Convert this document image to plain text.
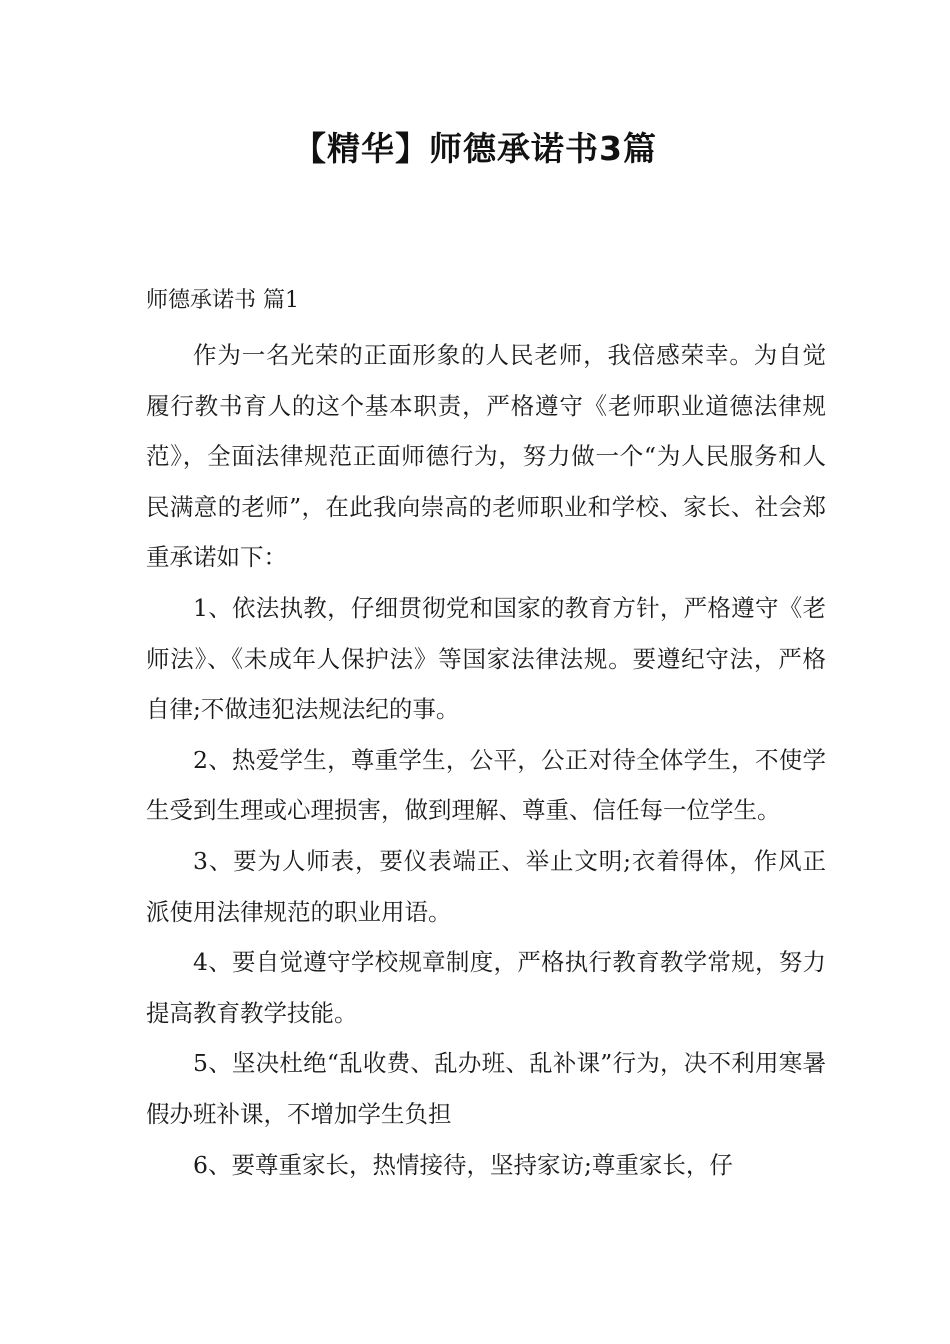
【精华】师德承诺书3篇

师德承诺书 篇1

作为一名光荣的正面形象的人民老师，我倍感荣幸。为自觉履行教书育人的这个基本职责，严格遵守《老师职业道德法律规范》，全面法律规范正面师德行为，努力做一个“为人民服务和人民满意的老师”，在此我向崇高的老师职业和学校、家长、社会郑重承诺如下：

1、依法执教，仔细贯彻党和国家的教育方针，严格遵守《老师法》、《未成年人保护法》等国家法律法规。要遵纪守法，严格自律;不做违犯法规法纪的事。

2、热爱学生，尊重学生，公平，公正对待全体学生，不使学生受到生理或心理损害，做到理解、尊重、信任每一位学生。

3、要为人师表，要仪表端正、举止文明;衣着得体，作风正派使用法律规范的职业用语。

4、要自觉遵守学校规章制度，严格执行教育教学常规，努力提高教育教学技能。

5、坚决杜绝“乱收费、乱办班、乱补课”行为，决不利用寒暑假办班补课，不增加学生负担

6、要尊重家长，热情接待，坚持家访;尊重家长，仔
